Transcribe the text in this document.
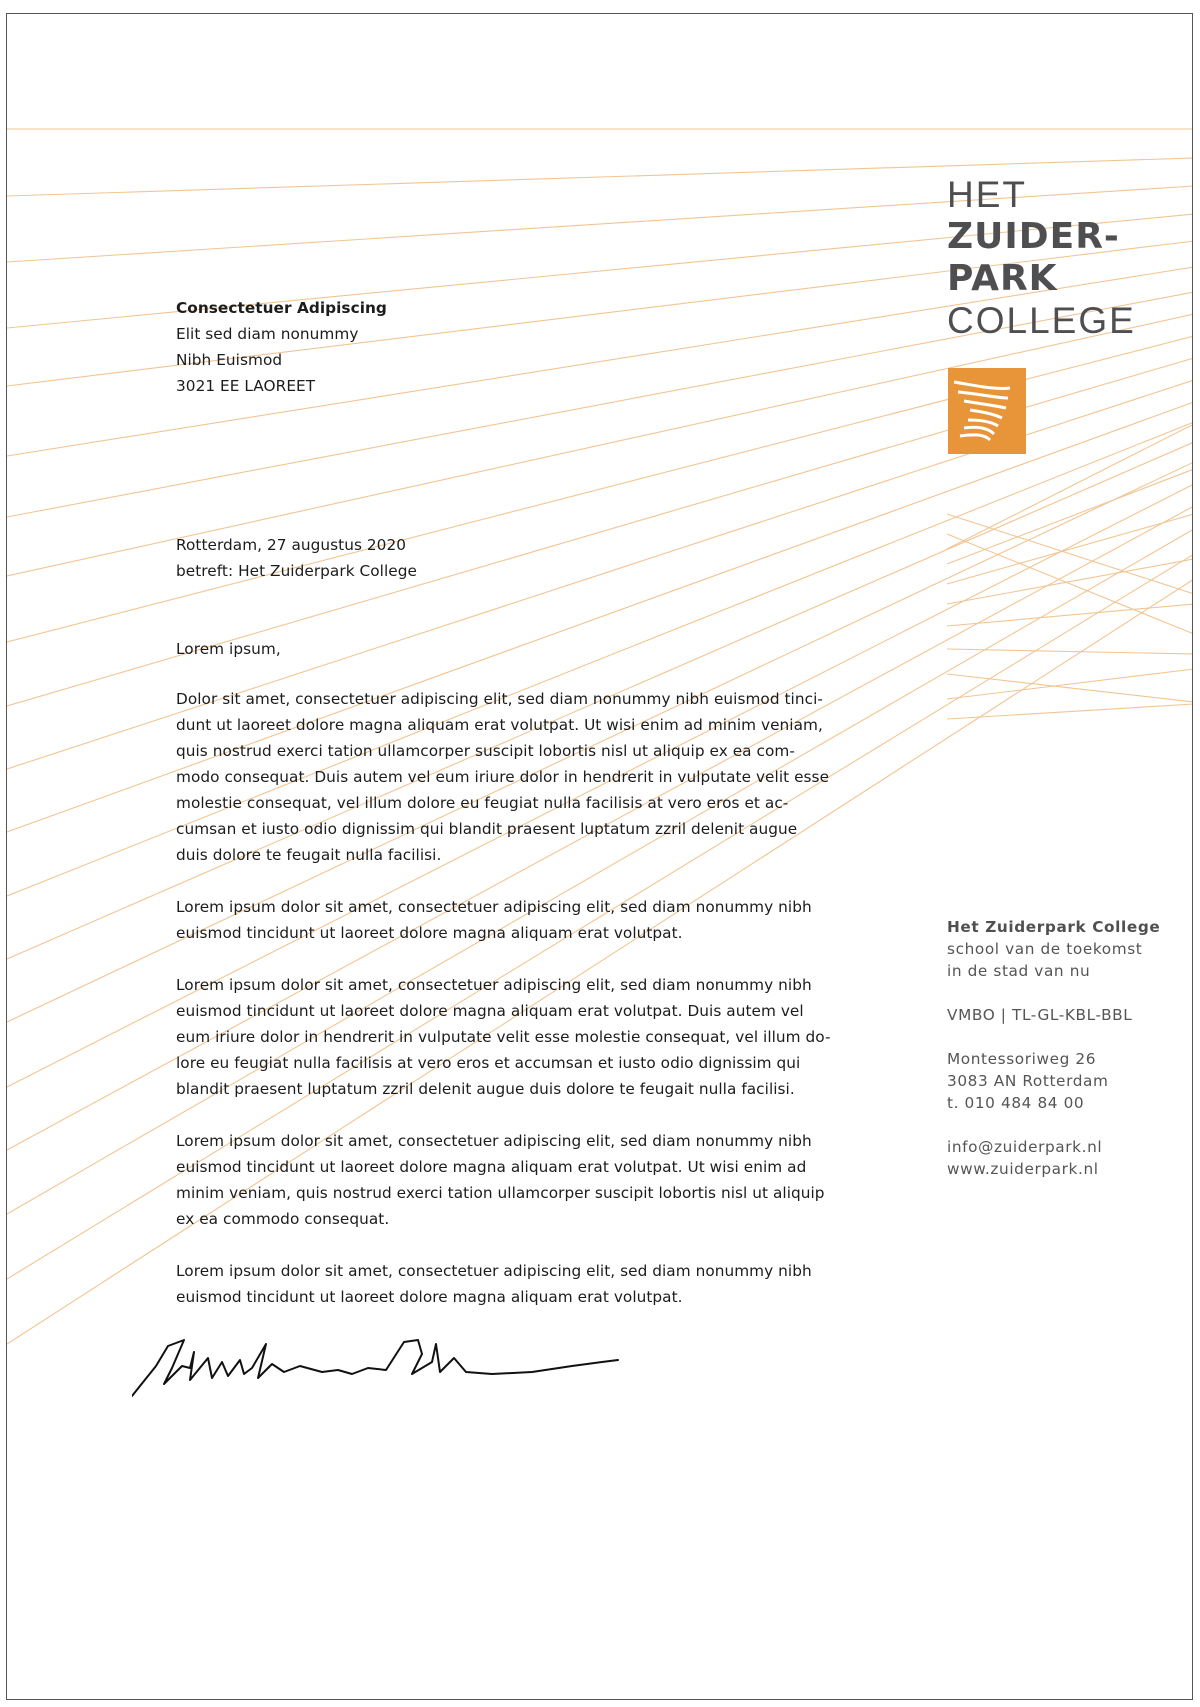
HET
ZUIDER-
PARK
COLLEGE
Consectetuer Adipiscing
Elit sed diam nonummy
Nibh Euismod
3021 EE LAOREET
Rotterdam, 27 augustus 2020
betreft: Het Zuiderpark College
Lorem ipsum,

Dolor sit amet, consectetuer adipiscing elit, sed diam nonummy nibh euismod tinci-

dunt ut laoreet dolore magna aliquam erat volutpat. Ut wisi enim ad minim veniam,

quis nostrud exerci tation ullamcorper suscipit lobortis nisl ut aliquip ex ea com-

modo consequat. Duis autem vel eum iriure dolor in hendrerit in vulputate velit esse

molestie consequat, vel illum dolore eu feugiat nulla facilisis at vero eros et ac-

cumsan et iusto odio dignissim qui blandit praesent luptatum zzril delenit augue

duis dolore te feugait nulla facilisi.

Lorem ipsum dolor sit amet, consectetuer adipiscing elit, sed diam nonummy nibh

euismod tincidunt ut laoreet dolore magna aliquam erat volutpat.

Lorem ipsum dolor sit amet, consectetuer adipiscing elit, sed diam nonummy nibh

euismod tincidunt ut laoreet dolore magna aliquam erat volutpat. Duis autem vel

eum iriure dolor in hendrerit in vulputate velit esse molestie consequat, vel illum do-

lore eu feugiat nulla facilisis at vero eros et accumsan et iusto odio dignissim qui

blandit praesent luptatum zzril delenit augue duis dolore te feugait nulla facilisi.

Lorem ipsum dolor sit amet, consectetuer adipiscing elit, sed diam nonummy nibh

euismod tincidunt ut laoreet dolore magna aliquam erat volutpat. Ut wisi enim ad

minim veniam, quis nostrud exerci tation ullamcorper suscipit lobortis nisl ut aliquip

ex ea commodo consequat.

Lorem ipsum dolor sit amet, consectetuer adipiscing elit, sed diam nonummy nibh

euismod tincidunt ut laoreet dolore magna aliquam erat volutpat.

Het Zuiderpark College
school van de toekomst
in de stad van nu
VMBO | TL-GL-KBL-BBL
Montessoriweg 26
3083 AN Rotterdam
t. 010 484 84 00
info@zuiderpark.nl
www.zuiderpark.nl
